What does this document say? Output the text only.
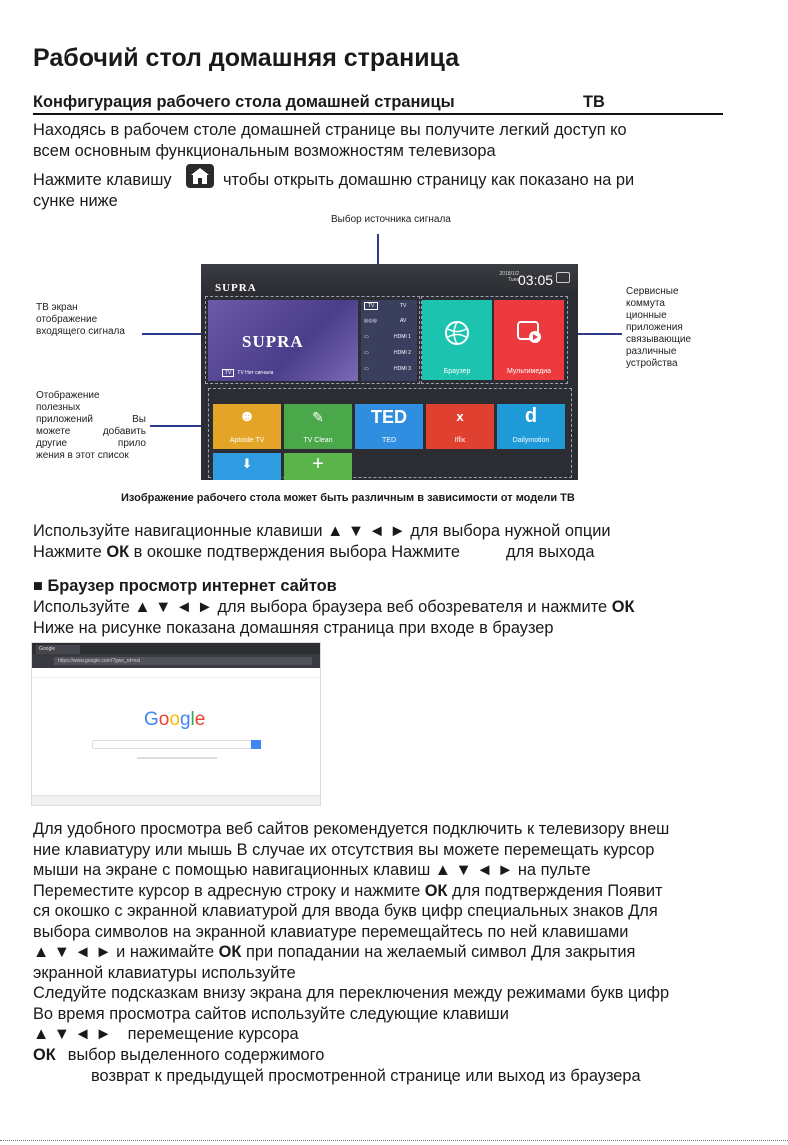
Рабочий стол домашняя страница
Конфигурация рабочего стола домашней страницы	ТВ
Находясь в рабочем столе домашней странице вы получите легкий доступ ко
всем основным функциональным возможностям телевизора
Нажмите клавишу	чтобы открыть домашню страницу как показано на ри
сунке ниже
Выбор источника сигнала
ТВ экран
отображение
входящего сигнала
Сервисные
коммута
ционные
приложения
связывающие
различные
устройства
Отображение
полезных
приложений Вы
можете добавить
другие прило
жения в этот список
SUPRA
2018/1/2
Tues 03:05
SUPRA
TV TV Нет сигнала
TV	TV
◎◎◎	AV
▭	HDMI 1
▭	HDMI 2
▭	HDMI 3	Браузер	Мультимедиа
☻
Aptoide TV
✎
TV Clean
TED
TED
x
Iflix
d
Dailymotion
⬇	+
Изображение рабочего стола может быть различным в зависимости от модели ТВ
Используйте навигационные клавиши ▲ ▼ ◄ ► для выбора нужной опции
Нажмите ОК в окошке подтверждения выбора Нажмите	для выхода
■ Браузер просмотр интернет сайтов
Используйте ▲ ▼ ◄ ► для выбора браузера веб обозревателя и нажмите ОК
Ниже на рисунке показана домашняя страница при входе в браузер
Google
https://www.google.com/?gws_rd=ssl
Google
Для удобного просмотра веб сайтов рекомендуется подключить к телевизору внеш
ние клавиатуру или мышь В случае их отсутствия вы можете перемещать курсор
мыши на экране с помощью навигационных клавиш ▲ ▼ ◄ ► на пульте
Переместите курсор в адресную строку и нажмите ОК для подтверждения Появит
ся окошко с экранной клавиатурой для ввода букв цифр специальных знаков Для
выбора символов на экранной клавиатуре перемещайтесь по ней клавишами
▲ ▼ ◄ ► и нажимайте ОК при попадании на желаемый символ Для закрытия
экранной клавиатуры используйте
Следуйте подсказкам внизу экрана для переключения между режимами букв цифр
Во время просмотра сайтов используйте следующие клавиши
▲ ▼ ◄ ► перемещение курсора
ОК выбор выделенного содержимого
возврат к предыдущей просмотренной странице или выход из браузера
